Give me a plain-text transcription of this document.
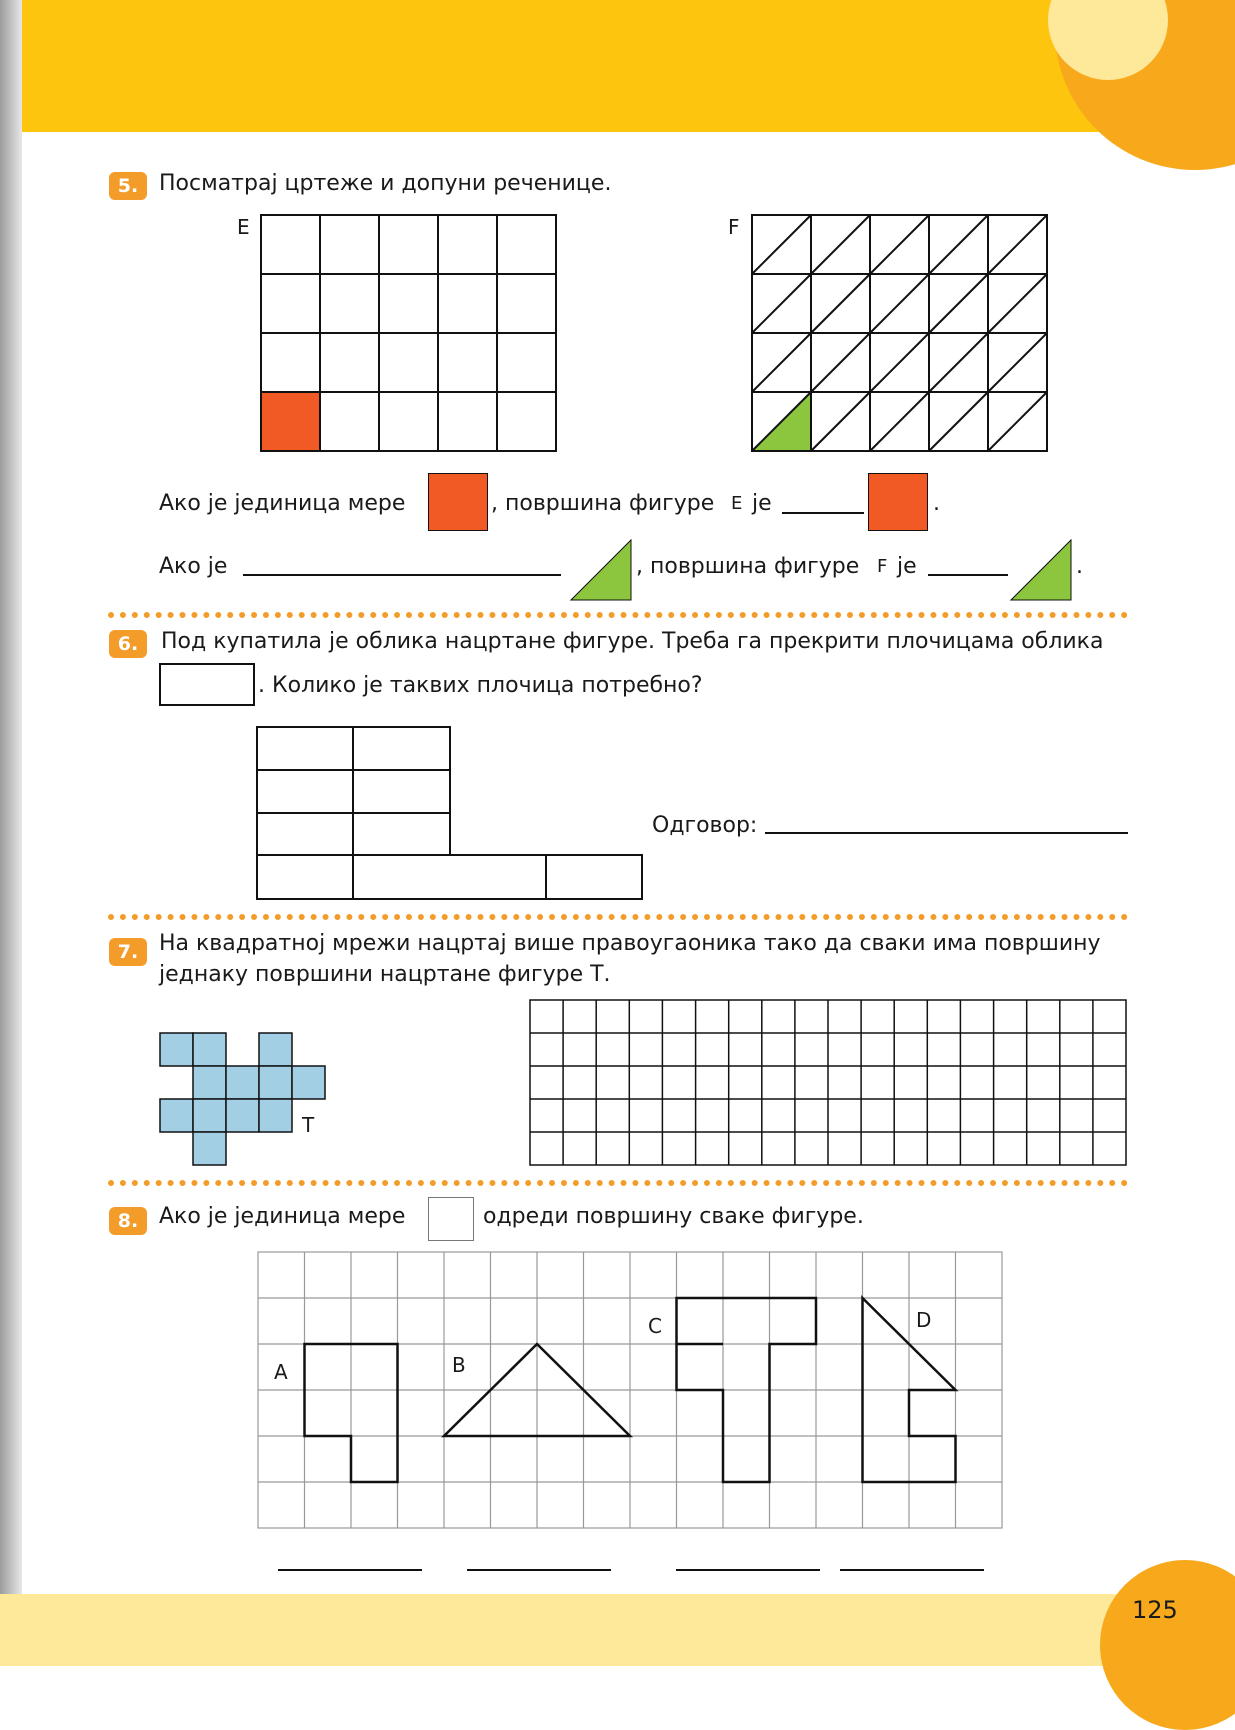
125
5. Посматрај цртеже и допуни реченице.
E	F
Ако је јединица мере	, површина фигуре E је	.
Ако је	, површина фигуре F је	.
6.	Под купатила је облика нацртане фигуре. Треба га прекрити плочицама облика
. Колико је таквих плочица потребно?
Одговор:
7. На квадратној мрежи нацртај више правоугаоника тако да сваки има површину
једнаку површини нацртане фигуре Т.
Т
8. Ако је јединица мере	одреди површину сваке фигуре.
A	B
C	D
